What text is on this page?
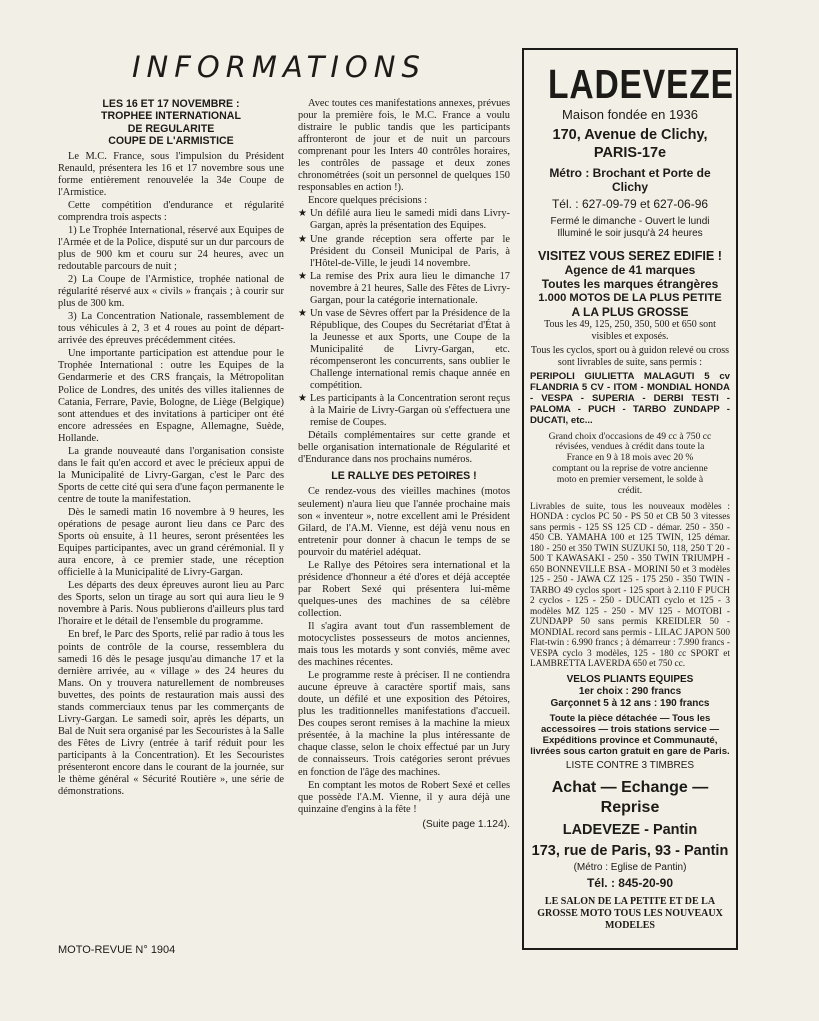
INFORMATIONS
LES 16 ET 17 NOVEMBRE :
TROPHEE INTERNATIONAL
DE REGULARITE
COUPE DE L'ARMISTICE

Le M.C. France, sous l'impulsion du Président Renauld, présentera les 16 et 17 novembre sous une forme entièrement renouvelée la 34e Coupe de l'Armistice.

Cette compétition d'endurance et régularité comprendra trois aspects :

1) Le Trophée International, réservé aux Equipes de l'Armée et de la Police, disputé sur un dur parcours de plus de 900 km et couru sur 24 heures, avec un redoutable parcours de nuit ;

2) La Coupe de l'Armistice, trophée national de régularité réservé aux « civils » français ; à courir sur plus de 300 km.

3) La Concentration Nationale, rassemblement de tous véhicules à 2, 3 et 4 roues au point de départ-arrivée des épreuves précédemment citées.

Une importante participation est attendue pour le Trophée International : outre les Equipes de la Gendarmerie et des CRS français, la Métropolitan Police de Londres, des unités des villes italiennes de Catania, Ferrare, Pavie, Bologne, de Liège (Belgique) sont attendues et des invitations à participer ont été encore adressées en Espagne, Allemagne, Suède, Hollande.

La grande nouveauté dans l'organisation consiste dans le fait qu'en accord et avec le précieux appui de la Municipalité de Livry-Gargan, c'est le Parc des Sports de cette cité qui sera d'une façon permanente le centre de toute la manifestation.

Dès le samedi matin 16 novembre à 9 heures, les opérations de pesage auront lieu dans ce Parc des Sports où ensuite, à 11 heures, seront présentées les Equipes participantes, avec un grand cérémonial. Il y aura encore, à ce premier stade, une réception officielle à la Municipalité de Livry-Gargan.

Les départs des deux épreuves auront lieu au Parc des Sports, selon un tirage au sort qui aura lieu le 9 novembre à Paris. Nous publierons d'ailleurs plus tard l'horaire et le détail de l'ensemble du programme.

En bref, le Parc des Sports, relié par radio à tous les points de contrôle de la course, ressemblera du samedi 16 dès le pesage jusqu'au dimanche 17 et la dernière arrivée, au « village » des 24 heures du Mans. On y trouvera naturellement de nombreuses buvettes, des points de restauration mais aussi des stands commerciaux tenus par les commerçants de Livry-Gargan. Le samedi soir, après les départs, un Bal de Nuit sera organisé par les Secouristes à la Salle des Fêtes de Livry (entrée à tarif réduit pour les participants à la Concentration). Et les Secouristes présenteront encore dans le courant de la journée, sur le thème général « Sécurité Routière », une série de démonstrations.

Avec toutes ces manifestations annexes, prévues pour la première fois, le M.C. France a voulu distraire le public tandis que les participants affronteront de jour et de nuit un parcours comprenant pour les Inters 40 contrôles horaires, les contrôles de passage et deux zones chronométrées (soit un personnel de quelques 150 responsables en action !).

Encore quelques précisions :

★ Un défilé aura lieu le samedi midi dans Livry-Gargan, après la présentation des Equipes.

★ Une grande réception sera offerte par le Président du Conseil Municipal de Paris, à l'Hôtel-de-Ville, le jeudi 14 novembre.

★ La remise des Prix aura lieu le dimanche 17 novembre à 21 heures, Salle des Fêtes de Livry-Gargan, pour la catégorie internationale.

★ Un vase de Sèvres offert par la Présidence de la République, des Coupes du Secrétariat d'État à la Jeunesse et aux Sports, une Coupe de la Municipalité de Livry-Gargan, etc. récompenseront les concurrents, sans oublier le Challenge international remis chaque année en compétition.

★ Les participants à la Concentration seront reçus à la Mairie de Livry-Gargan où s'effectuera une remise de Coupes.

Détails complémentaires sur cette grande et belle organisation internationale de Régularité et d'Endurance dans nos prochains numéros.

LE RALLYE DES PETOIRES !

Ce rendez-vous des vieilles machines (motos seulement) n'aura lieu que l'année prochaine mais son « inventeur », notre excellent ami le Président Gilard, de l'A.M. Vienne, est déjà venu nous en entretenir pour donner à chacun le temps de se pourvoir du matériel adéquat.

Le Rallye des Pétoires sera international et la présidence d'honneur a été d'ores et déjà acceptée par Robert Sexé qui présentera lui-même quelques-unes des machines de sa célèbre collection.

Il s'agira avant tout d'un rassemblement de motocyclistes possesseurs de motos anciennes, mais tous les motards y sont conviés, même avec des machines récentes.

Le programme reste à préciser. Il ne contiendra aucune épreuve à caractère sportif mais, sans doute, un défilé et une exposition des Pétoires, plus les traditionnelles manifestations d'accueil. Des coupes seront remises à la machine la mieux présentée, à la machine la plus intéressante de chaque classe, selon le choix effectué par un Jury de connaisseurs. Trois catégories seront prévues en fonction de l'âge des machines.

En comptant les motos de Robert Sexé et celles que possède l'A.M. Vienne, il y aura déjà une quinzaine d'engins à la fête !

(Suite page 1.124).
MOTO-REVUE N° 1904
LADEVEZE
Maison fondée en 1936
170, Avenue de Clichy, PARIS-17e
Métro : Brochant et Porte de Clichy
Tél. : 627-09-79 et 627-06-96
Fermé le dimanche - Ouvert le lundi
Illuminé le soir jusqu'à 24 heures
VISITEZ VOUS SEREZ EDIFIE !
Agence de 41 marques
Toutes les marques étrangères
1.000 MOTOS DE LA PLUS PETITE
A LA PLUS GROSSE
Tous les 49, 125, 250, 350, 500 et 650 sont visibles et exposés.
Tous les cyclos, sport ou à guidon relevé ou cross sont livrables de suite, sans permis :
PERIPOLI GIULIETTA MALAGUTI 5 cv FLANDRIA 5 CV - ITOM - MONDIAL HONDA - VESPA - SUPERIA - DERBI TESTI - PALOMA - PUCH - TARBO ZUNDAPP - DUCATI, etc...
Grand choix d'occasions de 49 cc à 750 cc révisées, vendues à crédit dans toute la France en 9 à 18 mois avec 20 % comptant ou la reprise de votre ancienne moto en premier versement, le solde à crédit.
Livrables de suite, tous les nouveaux modèles : HONDA : cyclos PC 50 - PS 50 et CB 50 3 vitesses sans permis - 125 SS 125 CD - démar. 250 - 350 - 450 CB. YAMAHA 100 et 125 TWIN, 125 démar. 180 - 250 et 350 TWIN SUZUKI 50, 118, 250 T 20 - 500 T KAWASAKI - 250 - 350 TWIN TRIUMPH - 650 BONNEVILLE BSA - MORINI 50 et 3 modèles 125 - 250 - JAWA CZ 125 - 175 250 - 350 TWIN - TARBO 49 cyclos sport - 125 sport à 2.110 F PUCH 2 cyclos - 125 - 250 - DUCATI cyclo et 125 - 3 modèles MZ 125 - 250 - MV 125 - MOTOBI - ZUNDAPP 50 sans permis KREIDLER 50 - MONDIAL record sans permis - LILAC JAPON 500 Flat-twin : 6.990 francs ; à démarreur : 7.990 francs - VESPA cyclo 3 modèles, 125 - 180 cc SPORT et LAMBRETTA LAVERDA 650 et 750 cc.
VELOS PLIANTS EQUIPES
1er choix : 290 francs
Garçonnet 5 à 12 ans : 190 francs
Toute la pièce détachée — Tous les accessoires — trois stations service — Expéditions province et Communauté, livrées sous carton gratuit en gare de Paris.
LISTE CONTRE 3 TIMBRES
Achat — Echange — Reprise
LADEVEZE - Pantin
173, rue de Paris, 93 - Pantin
(Métro : Eglise de Pantin)
Tél. : 845-20-90
LE SALON DE LA PETITE ET DE LA GROSSE MOTO TOUS LES NOUVEAUX MODELES
